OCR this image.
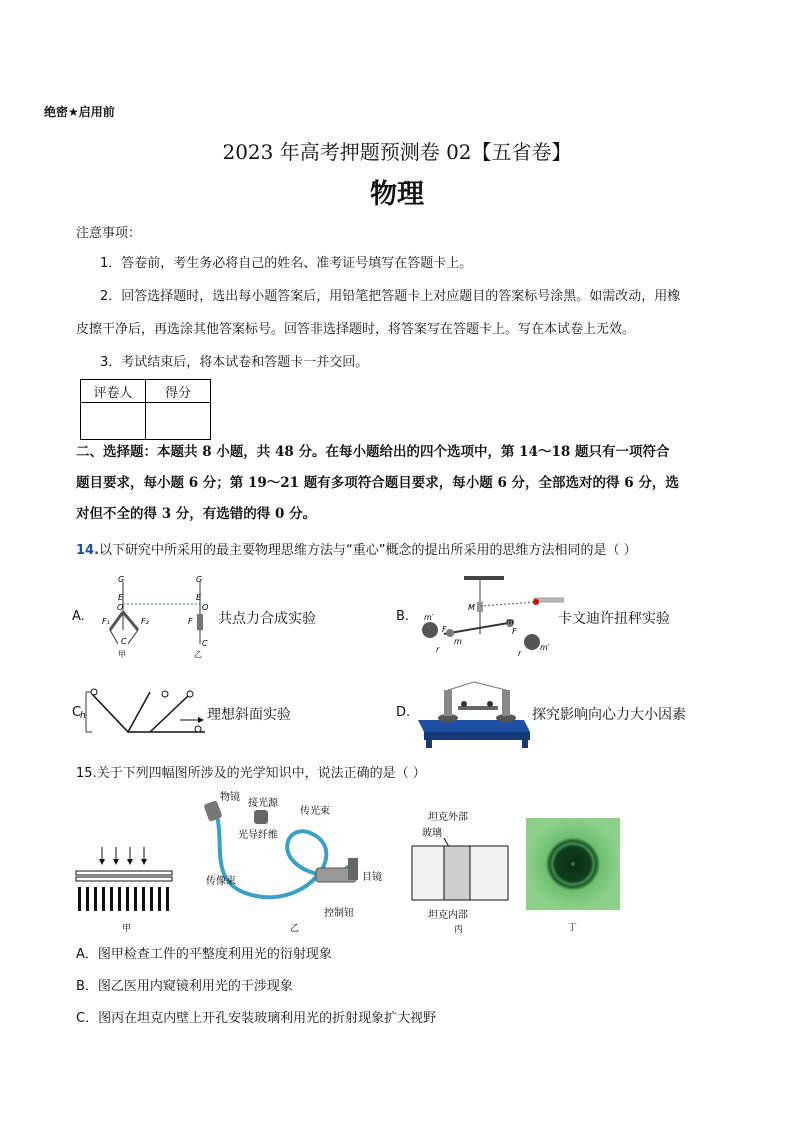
绝密★启用前
2023 年高考押题预测卷 02【五省卷】
物理
注意事项：
1．答卷前，考生务必将自己的姓名、准考证号填写在答题卡上。
2．回答选择题时，选出每小题答案后，用铅笔把答题卡上对应题目的答案标号涂黑。如需改动，用橡
皮擦干净后，再选涂其他答案标号。回答非选择题时，将答案写在答题卡上。写在本试卷上无效。
3．考试结束后，将本试卷和答题卡一并交回。
评卷人	得分

二、选择题：本题共 8 小题，共 48 分。在每小题给出的四个选项中，第 14～18 题只有一项符合
题目要求，每小题 6 分；第 19～21 题有多项符合题目要求，每小题 6 分，全部选对的得 6 分，选
对但不全的得 3 分，有选错的得 0 分。
14.以下研究中所采用的最主要物理思维方法与“重心”概念的提出所采用的思维方法相同的是（ ）
A.
G
E
O
F₁	F₂
C
G
E
O
F
C
甲	乙
共点力合成实验	B.
M
m′
m
F	F
m
m′
r	r
卡文迪许扭秤实验
C
h	理想斜面实验	D.	探究影响向心力大小因素
15.关于下列四幅图所涉及的光学知识中，说法正确的是（ ）
甲
物镜
接光源
传光束
光导纤维
传像束	目镜
控制钮
乙
坦克外部
玻璃
坦克内部
丙	丁
A．图甲检查工件的平整度利用光的衍射现象
B．图乙医用内窥镜利用光的干涉现象
C．图丙在坦克内壁上开孔安装玻璃利用光的折射现象扩大视野
